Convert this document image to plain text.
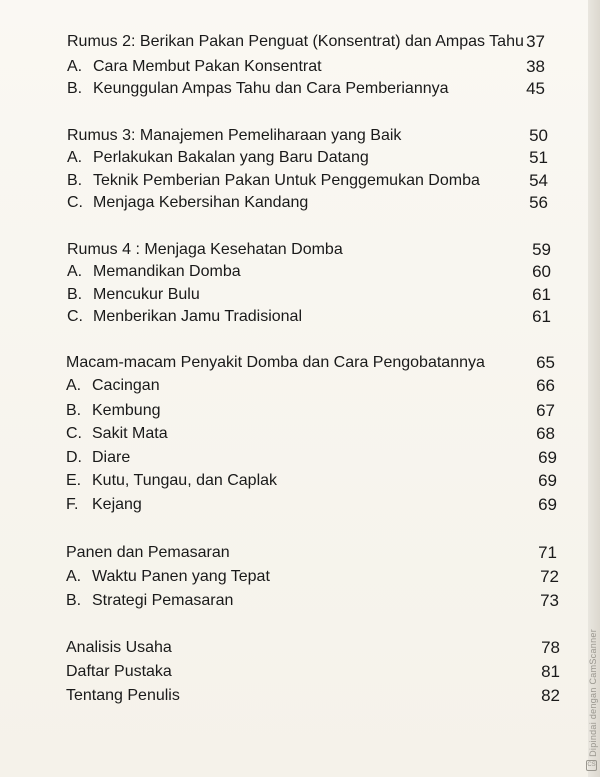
Rumus 2: Berikan Pakan Penguat (Konsentrat) dan Ampas Tahu 37
A. Cara Membut Pakan Konsentrat	38
B. Keunggulan Ampas Tahu dan Cara Pemberiannya	45
Rumus 3: Manajemen Pemeliharaan yang Baik	50
A. Perlakukan Bakalan yang Baru Datang	51
B. Teknik Pemberian Pakan Untuk Penggemukan Domba	54
C. Menjaga Kebersihan Kandang	56
Rumus 4 : Menjaga Kesehatan Domba	59
A. Memandikan Domba	60
B. Mencukur Bulu	61
C. Menberikan Jamu Tradisional	61
Macam-macam Penyakit Domba dan Cara Pengobatannya	65
A. Cacingan	66
B. Kembung	67
C. Sakit Mata	68
D. Diare	69
E. Kutu, Tungau, dan Caplak	69
F. Kejang	69
Panen dan Pemasaran	71
A. Waktu Panen yang Tepat	72
B. Strategi Pemasaran	73
Analisis Usaha	78
Daftar Pustaka	81
Tentang Penulis	82	Dipindai dengan CamScanner
CS
